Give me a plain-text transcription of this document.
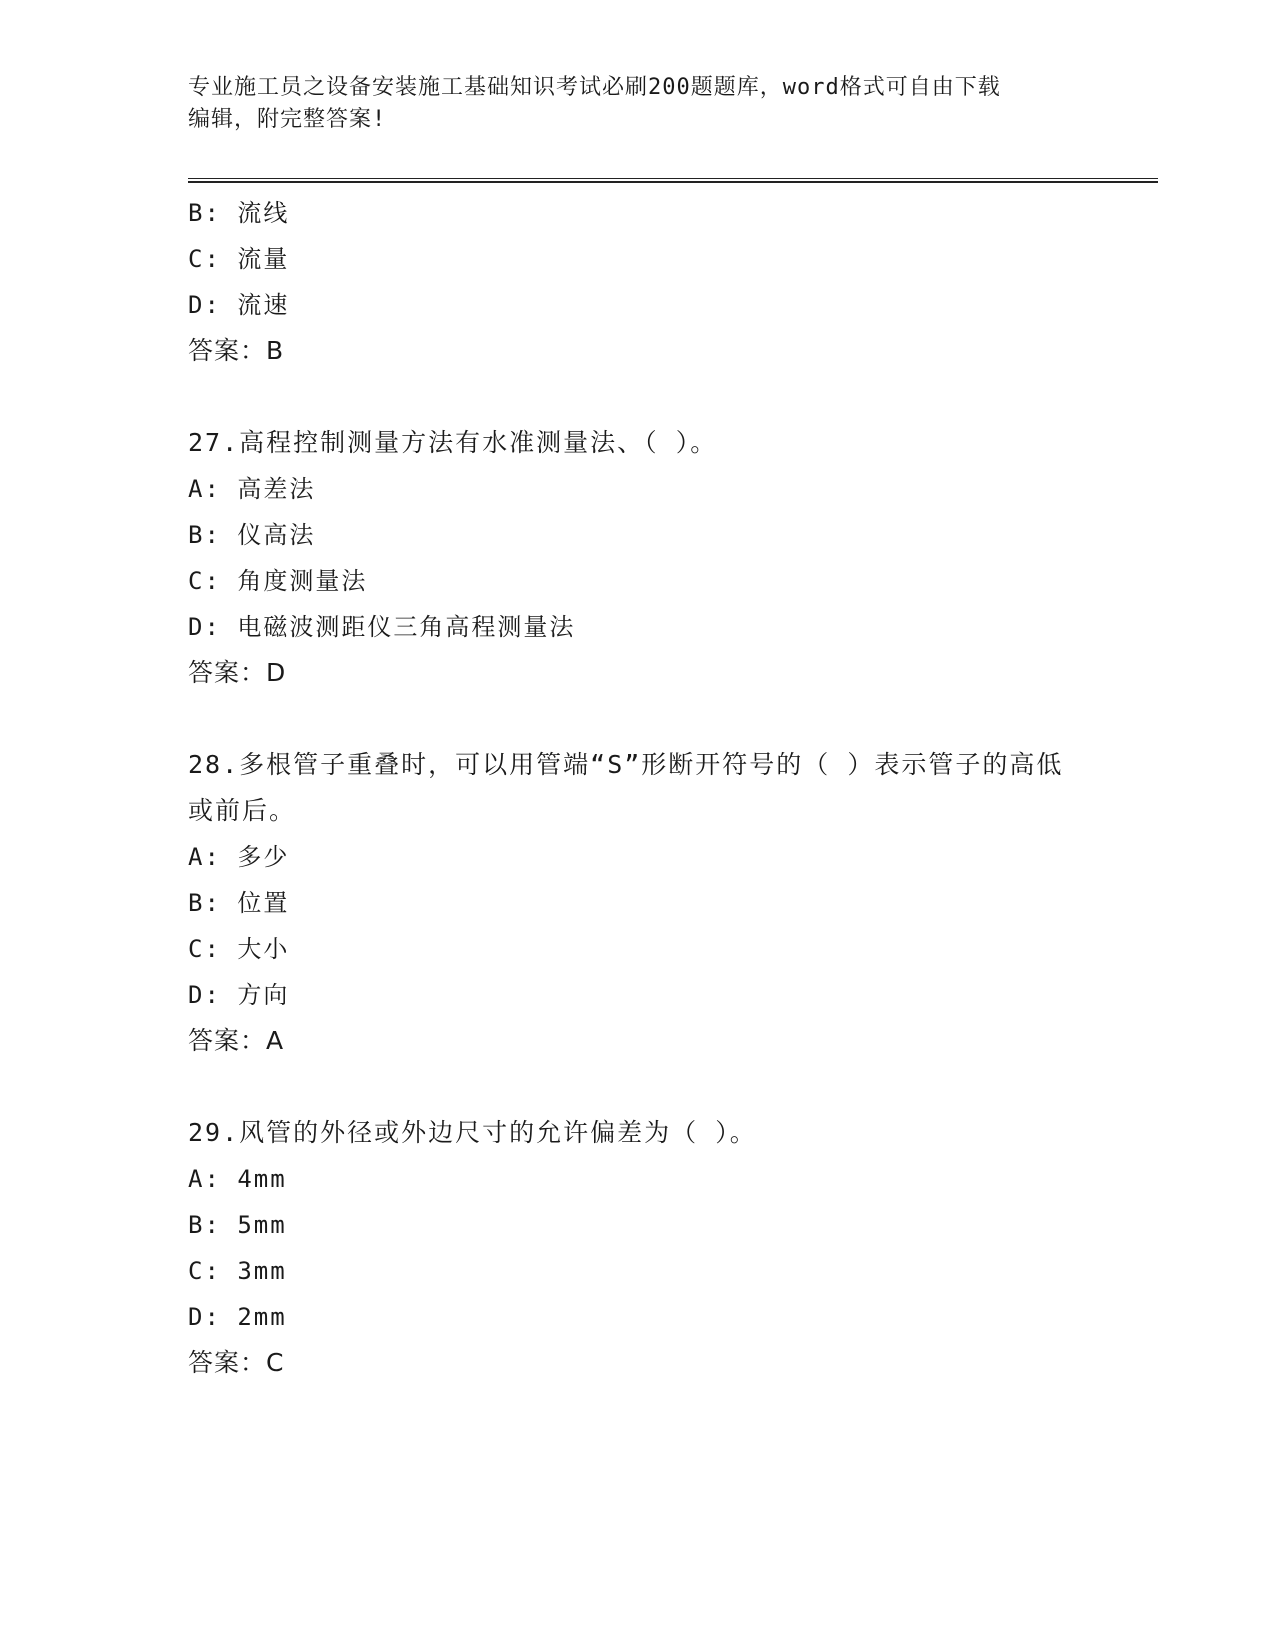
专业施工员之设备安装施工基础知识考试必刷200题题库，word格式可自由下载
编辑，附完整答案!

B: 流线

C: 流量

D: 流速

答案：B

27.高程控制测量方法有水准测量法、（ ）。

A: 高差法

B: 仪高法

C: 角度测量法

D: 电磁波测距仪三角高程测量法

答案：D

28.多根管子重叠时，可以用管端“S”形断开符号的（ ）表示管子的高低或前后。

A: 多少

B: 位置

C: 大小

D: 方向

答案：A

29.风管的外径或外边尺寸的允许偏差为（ ）。

A: 4mm

B: 5mm

C: 3mm

D: 2mm

答案：C
